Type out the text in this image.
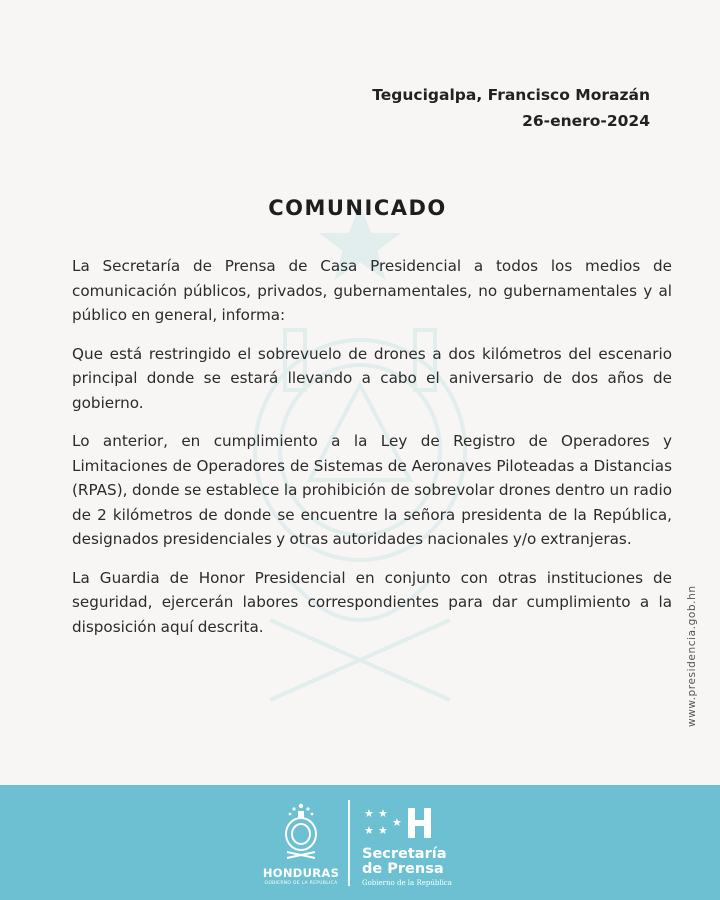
Tegucigalpa, Francisco Morazán
26-enero-2024
COMUNICADO

La Secretaría de Prensa de Casa Presidencial a todos los medios de comunicación públicos, privados, gubernamentales, no gubernamentales y al público en general, informa:

Que está restringido el sobrevuelo de drones a dos kilómetros del escenario principal donde se estará llevando a cabo el aniversario de dos años de gobierno.

Lo anterior, en cumplimiento a la Ley de Registro de Operadores y Limitaciones de Operadores de Sistemas de Aeronaves Piloteadas a Distancias (RPAS), donde se establece la prohibición de sobrevolar drones dentro un radio de 2 kilómetros de donde se encuentre la señora presidenta de la República, designados presidenciales y otras autoridades nacionales y/o extranjeras.

La Guardia de Honor Presidencial en conjunto con otras instituciones de seguridad, ejercerán labores correspondientes para dar cumplimiento a la disposición aquí descrita.	www.presidencia.gob.hn
HONDURAS
GOBIERNO DE LA REPÚBLICA
★ ★
★ ★
★
Secretaría
de Prensa
Gobierno de la República
